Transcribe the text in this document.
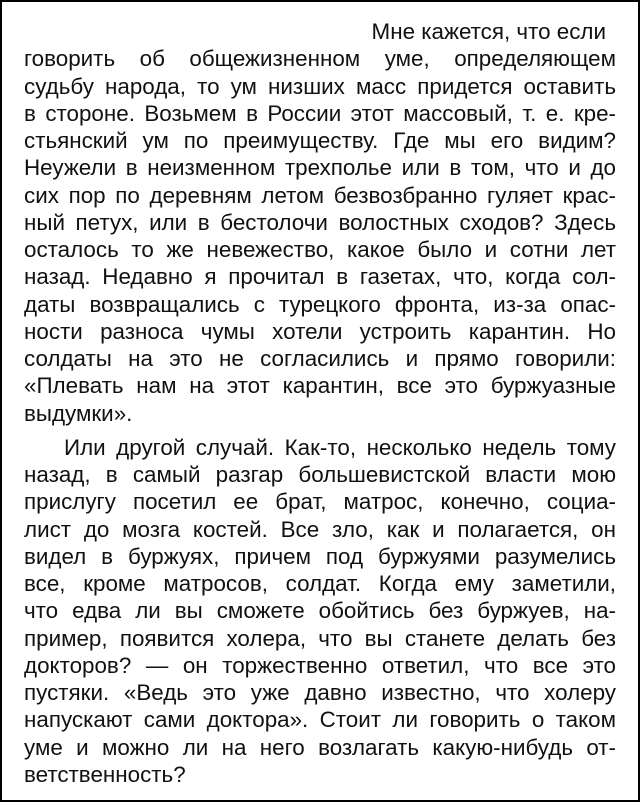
Мне кажется, что если
говорить об общежизненном уме, определяющем
судьбу народа, то ум низших масс придется оставить
в стороне. Возьмем в России этот массовый, т. е. кре-
стьянский ум по преимуществу. Где мы его видим?
Неужели в неизменном трехполье или в том, что и до
сих пор по деревням летом безвозбранно гуляет крас-
ный петух, или в бестолочи волостных сходов? Здесь
осталось то же невежество, какое было и сотни лет
назад. Недавно я прочитал в газетах, что, когда сол-
даты возвращались с турецкого фронта, из-за опас-
ности разноса чумы хотели устроить карантин. Но
солдаты на это не согласились и прямо говорили:
«Плевать нам на этот карантин, все это буржуазные
выдумки».
Или другой случай. Как-то, несколько недель тому
назад, в самый разгар большевистской власти мою
прислугу посетил ее брат, матрос, конечно, социа-
лист до мозга костей. Все зло, как и полагается, он
видел в буржуях, причем под буржуями разумелись
все, кроме матросов, солдат. Когда ему заметили,
что едва ли вы сможете обойтись без буржуев, на-
пример, появится холера, что вы станете делать без
докторов? — он торжественно ответил, что все это
пустяки. «Ведь это уже давно известно, что холеру
напускают сами доктора». Стоит ли говорить о таком
уме и можно ли на него возлагать какую-нибудь от-
ветственность?
